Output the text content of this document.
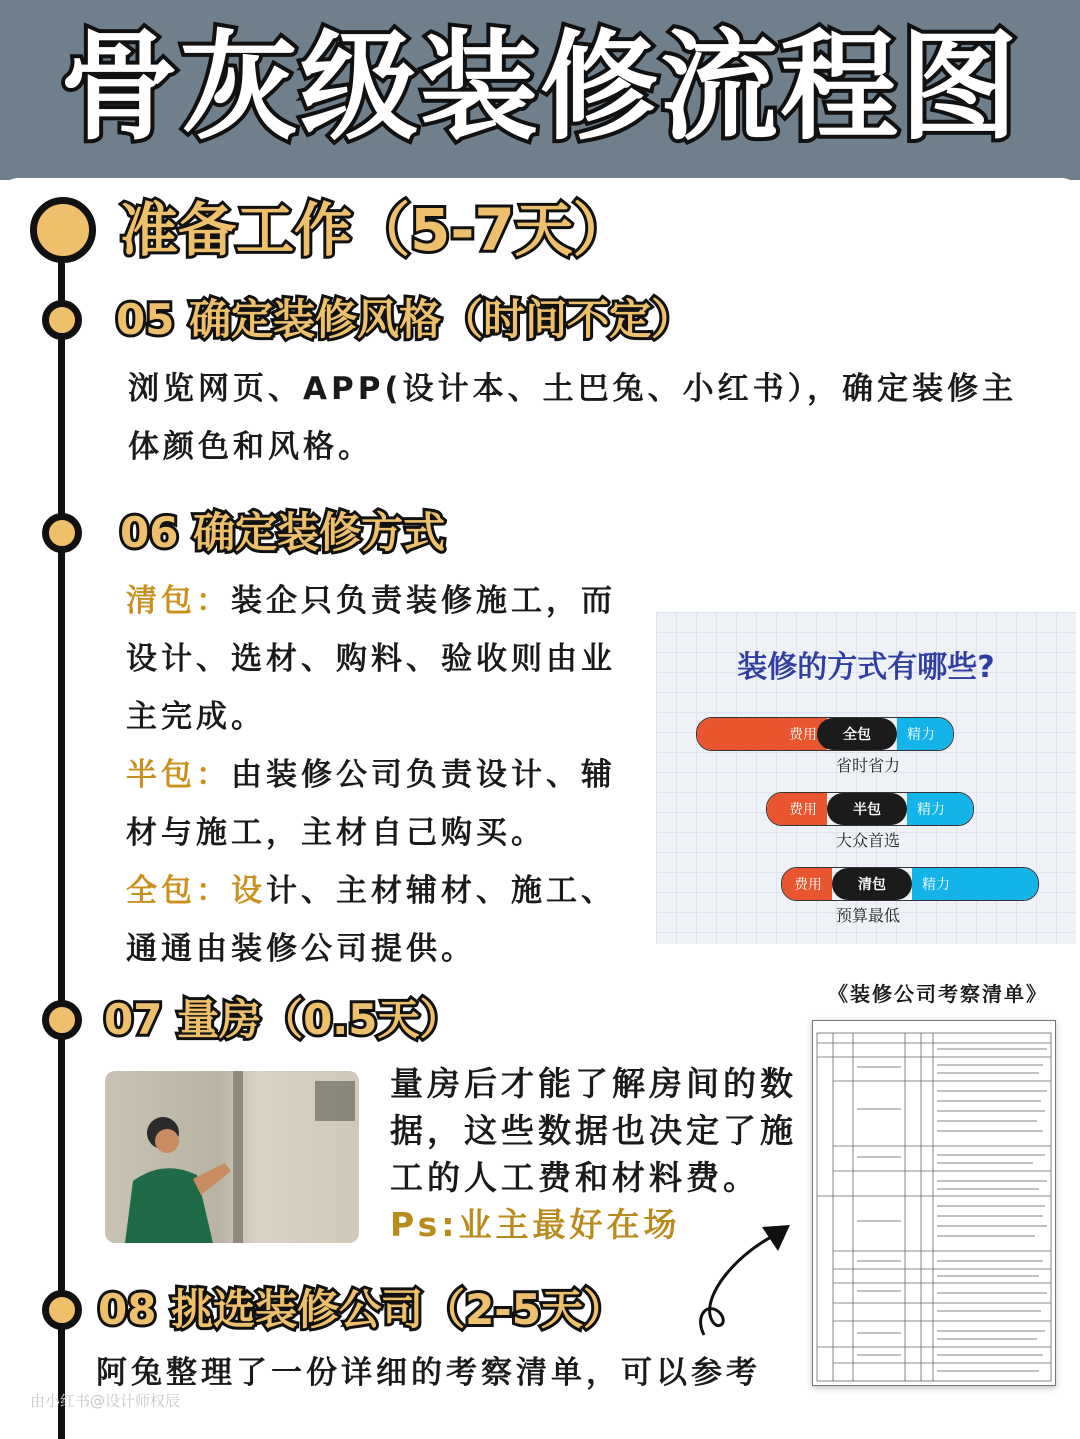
骨灰级装修流程图
准备工作（5-7天）
05 确定装修风格（时间不定）
浏览网页、APP(设计本、土巴兔、小红书），确定装修主
体颜色和风格。
06 确定装修方式
清包：装企只负责装修施工，而
设计、选材、购料、验收则由业
主完成。
半包：由装修公司负责设计、辅
材与施工，主材自己购买。
全包：设计、主材辅材、施工、
通通由装修公司提供。
装修的方式有哪些?
费用	全包	精力
省时省力
费用	半包	精力
大众首选
费用	清包	精力
预算最低
07 量房（0.5天）
量房后才能了解房间的数
据，这些数据也决定了施
工的人工费和材料费。
Ps:业主最好在场
《装修公司考察清单》
08 挑选装修公司（2-5天）
阿兔整理了一份详细的考察清单，可以参考
由小红书@设计师权辰
